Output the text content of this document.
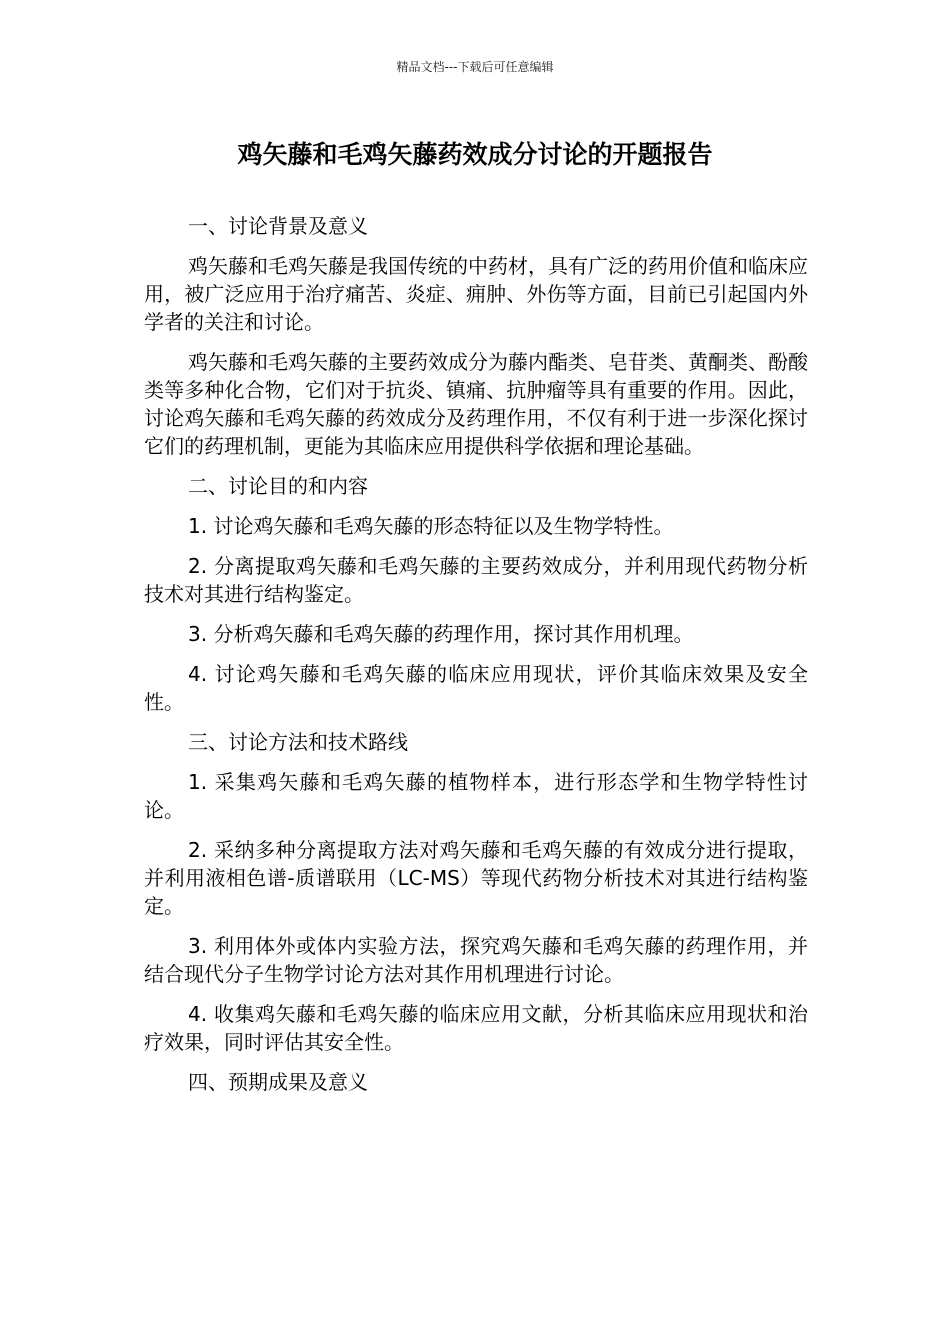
精品文档---下载后可任意编辑
鸡矢藤和毛鸡矢藤药效成分讨论的开题报告

一、讨论背景及意义

鸡矢藤和毛鸡矢藤是我国传统的中药材，具有广泛的药用价值和临床应用，被广泛应用于治疗痛苦、炎症、痈肿、外伤等方面，目前已引起国内外学者的关注和讨论。

鸡矢藤和毛鸡矢藤的主要药效成分为藤内酯类、皂苷类、黄酮类、酚酸类等多种化合物，它们对于抗炎、镇痛、抗肿瘤等具有重要的作用。因此，讨论鸡矢藤和毛鸡矢藤的药效成分及药理作用，不仅有利于进一步深化探讨它们的药理机制，更能为其临床应用提供科学依据和理论基础。

二、讨论目的和内容

1. 讨论鸡矢藤和毛鸡矢藤的形态特征以及生物学特性。

2. 分离提取鸡矢藤和毛鸡矢藤的主要药效成分，并利用现代药物分析技术对其进行结构鉴定。

3. 分析鸡矢藤和毛鸡矢藤的药理作用，探讨其作用机理。

4. 讨论鸡矢藤和毛鸡矢藤的临床应用现状，评价其临床效果及安全性。

三、讨论方法和技术路线

1. 采集鸡矢藤和毛鸡矢藤的植物样本，进行形态学和生物学特性讨论。

2. 采纳多种分离提取方法对鸡矢藤和毛鸡矢藤的有效成分进行提取，并利用液相色谱-质谱联用（LC-MS）等现代药物分析技术对其进行结构鉴定。

3. 利用体外或体内实验方法，探究鸡矢藤和毛鸡矢藤的药理作用，并结合现代分子生物学讨论方法对其作用机理进行讨论。

4. 收集鸡矢藤和毛鸡矢藤的临床应用文献，分析其临床应用现状和治疗效果，同时评估其安全性。

四、预期成果及意义
